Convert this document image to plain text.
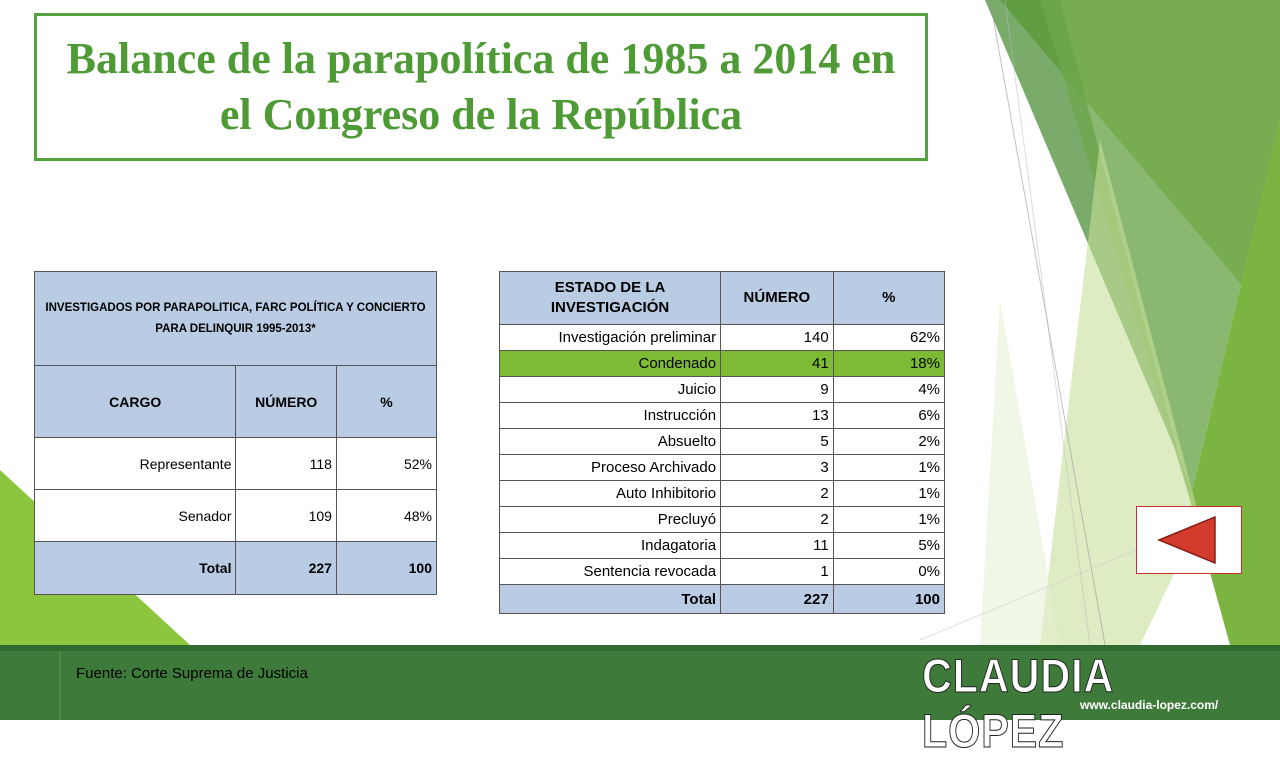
Balance de la parapolítica de 1985 a 2014 en el Congreso de la República
INVESTIGADOS POR PARAPOLITICA, FARC POLÍTICA Y CONCIERTO PARA DELINQUIR 1995-2013*		
CARGO	NÚMERO	%
Representante	118	52%
Senador	109	48%
Total	227	100
ESTADO DE LA INVESTIGACIÓN	NÚMERO	%
Investigación preliminar	140	62%
Condenado	41	18%
Juicio	9	4%
Instrucción	13	6%
Absuelto	5	2%
Proceso Archivado	3	1%
Auto Inhibitorio	2	1%
Precluyó	2	1%
Indagatoria	11	5%
Sentencia revocada	1	0%
Total	227	100
Fuente: Corte Suprema de Justicia	CLAUDIA LÓPEZ	www.claudia-lopez.com/
